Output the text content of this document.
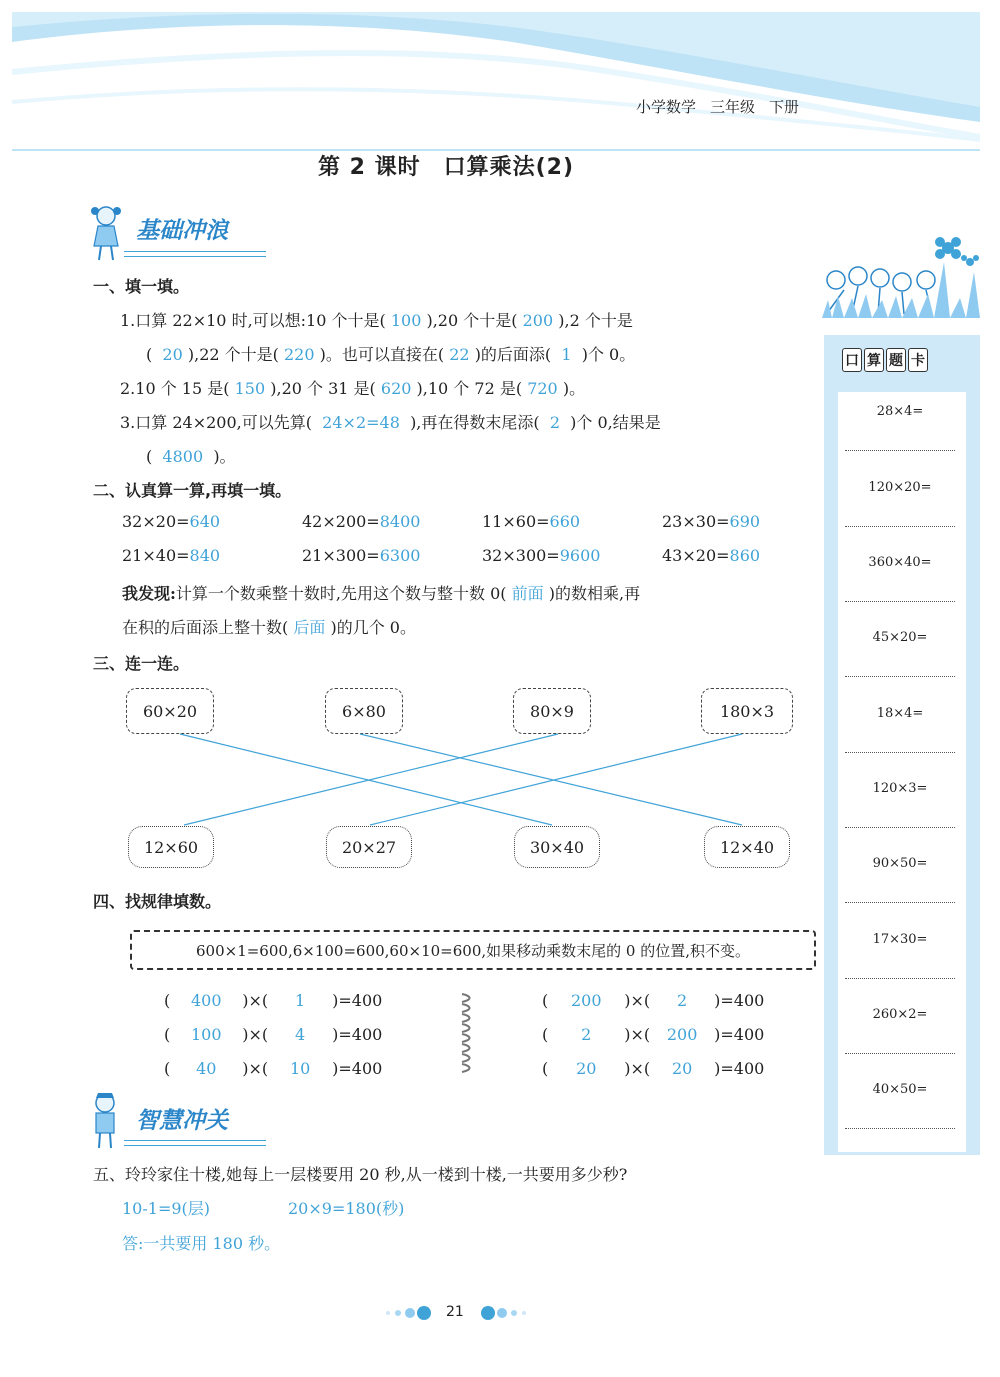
小学数学 三年级 下册
第 2 课时　口算乘法(2)
基础冲浪
一、填一填。
1.口算 22×10 时,可以想:10 个十是( 100 ),20 个十是( 200 ),2 个十是
( 20 ),22 个十是( 220 )。也可以直接在( 22 )的后面添( 1 )个 0。
2.10 个 15 是( 150 ),20 个 31 是( 620 ),10 个 72 是( 720 )。
3.口算 24×200,可以先算( 24×2=48 ),再在得数末尾添( 2 )个 0,结果是
( 4800 )。
二、认真算一算,再填一填。
32×20=640	42×200=8400	11×60=660	23×30=690
21×40=840	21×300=6300	32×300=9600	43×20=860
我发现:计算一个数乘整十数时,先用这个数与整十数 0( 前面 )的数相乘,再
在积的后面添上整十数( 后面 )的几个 0。
三、连一连。
60×20	6×80	80×9	180×3
12×60	20×27	30×40	12×40
四、找规律填数。
600×1=600,6×100=600,60×10=600,如果移动乘数末尾的 0 的位置,积不变。
( 400 )×( 1 )=400
( 100 )×( 4 )=400
( 40 )×( 10 )=400
( 200 )×( 2 )=400
( 2 )×( 200 )=400
( 20 )×( 20 )=400
智慧冲关
五、玲玲家住十楼,她每上一层楼要用 20 秒,从一楼到十楼,一共要用多少秒?
10-1=9(层)	20×9=180(秒)
答:一共要用 180 秒。
口 算 题 卡
28×4=
120×20=
360×40=
45×20=
18×4=
120×3=
90×50=
17×30=
260×2=
40×50=
21
